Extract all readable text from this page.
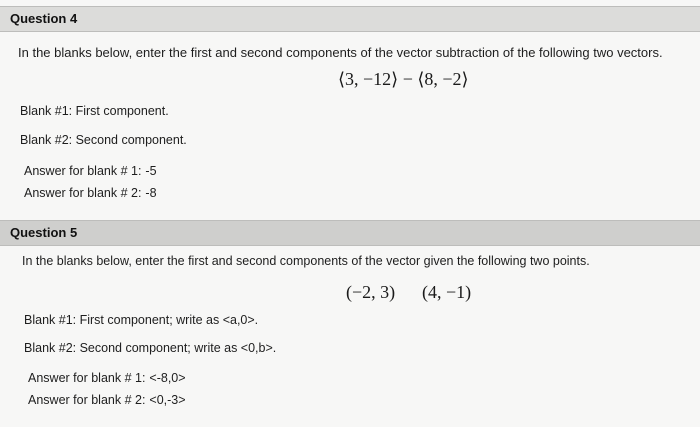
Question 4
In the blanks below, enter the first and second components of the vector subtraction of the following two vectors.
⟨3, −12⟩ − ⟨8, −2⟩
Blank #1: First component.
Blank #2: Second component.
Answer for blank # 1: -5
Answer for blank # 2: -8
Question 5
In the blanks below, enter the first and second components of the vector given the following two points.
(−2, 3) (4, −1)
Blank #1: First component; write as <a,0>.
Blank #2: Second component; write as <0,b>.
Answer for blank # 1: <-8,0>
Answer for blank # 2: <0,-3>
